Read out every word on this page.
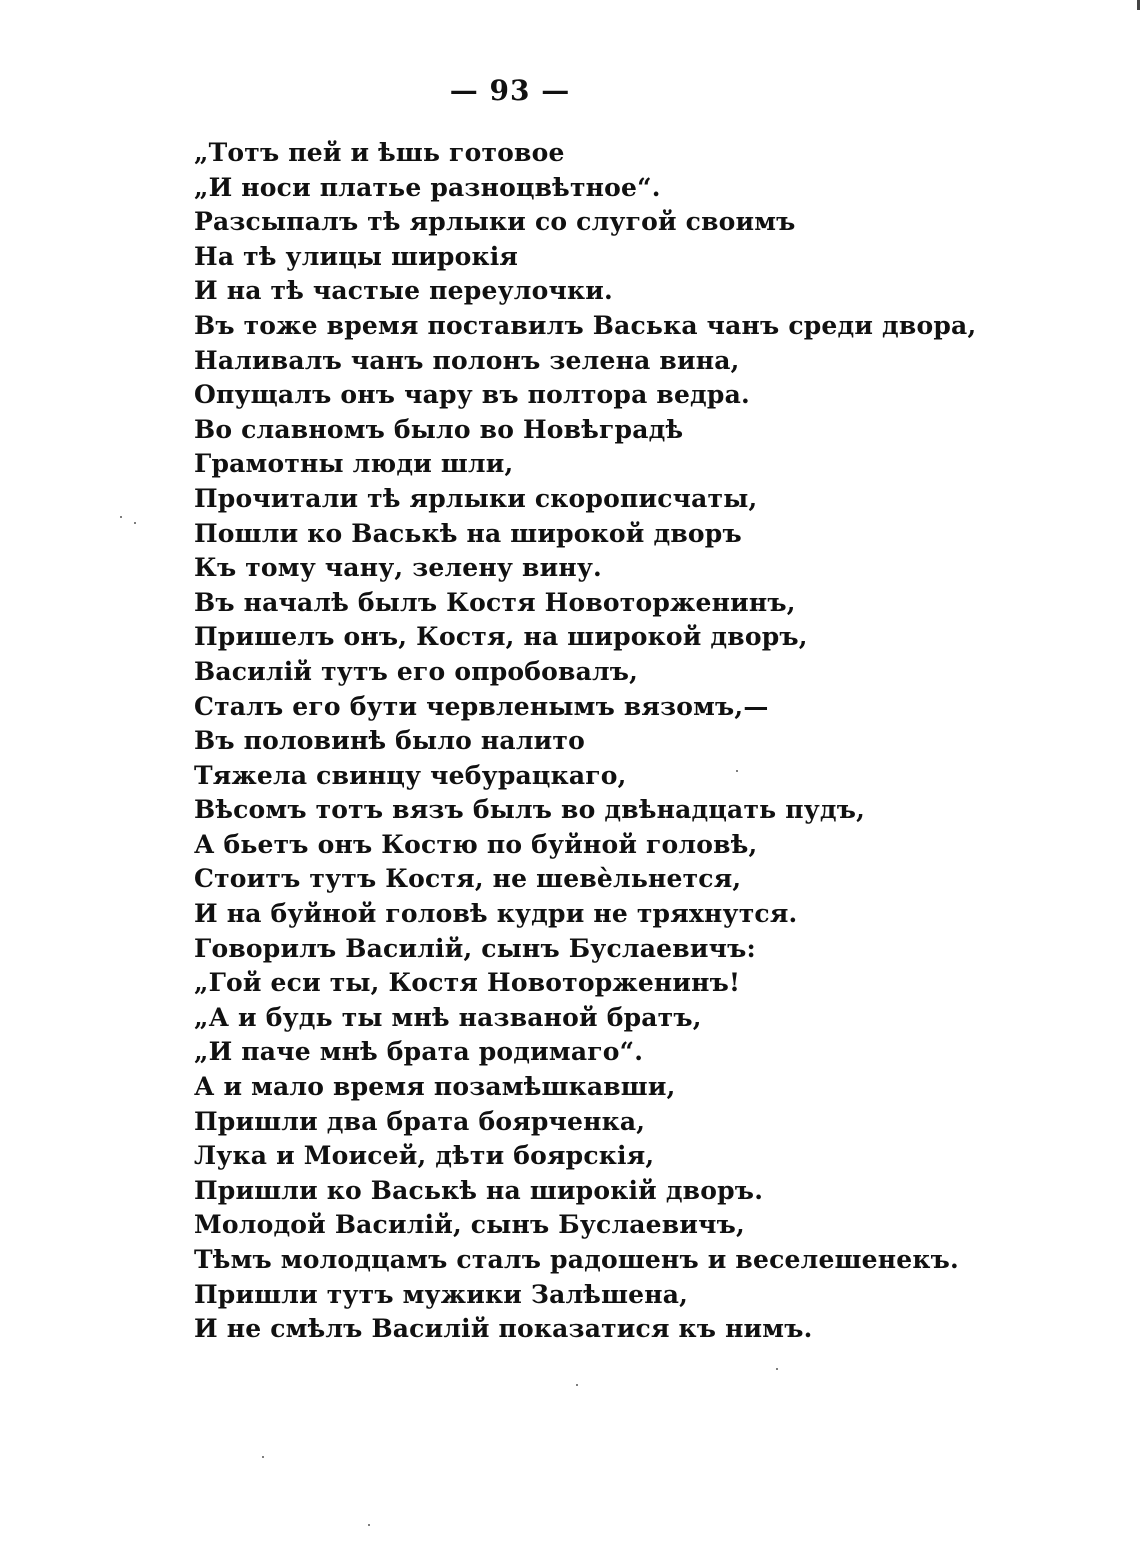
— 93 —
„Тотъ пей и ѣшь готовое
„И носи платье разноцвѣтное“.
Разсыпалъ тѣ ярлыки со слугой своимъ
На тѣ улицы широкія
И на тѣ частые переулочки.
Въ тоже время поставилъ Васька чанъ среди двора,
Наливалъ чанъ полонъ зелена вина,
Опущалъ онъ чару въ полтора ведра.
Во славномъ было во Новѣградѣ
Грамотны люди шли,
Прочитали тѣ ярлыки скорописчаты,
Пошли ко Васькѣ на широкой дворъ
Къ тому чану, зелену вину.
Въ началѣ былъ Костя Новоторженинъ,
Пришелъ онъ, Костя, на широкой дворъ,
Василій тутъ его опробовалъ,
Сталъ его бути червленымъ вязомъ,—
Въ половинѣ было налито
Тяжела свинцу чебурацкаго,
Вѣсомъ тотъ вязъ былъ во двѣнадцать пудъ,
А бьетъ онъ Костю по буйной головѣ,
Стоитъ тутъ Костя, не шевѐльнется,
И на буйной головѣ кудри не тряхнутся.
Говорилъ Василій, сынъ Буслаевичъ:
„Гой еси ты, Костя Новоторженинъ!
„А и будь ты мнѣ названой братъ,
„И паче мнѣ брата родимаго“.
А и мало время позамѣшкавши,
Пришли два брата боярченка,
Лука и Моисей, дѣти боярскія,
Пришли ко Васькѣ на широкій дворъ.
Молодой Василій, сынъ Буслаевичъ,
Тѣмъ молодцамъ сталъ радошенъ и веселешенекъ.
Пришли тутъ мужики Залѣшена,
И не смѣлъ Василій показатися къ нимъ.
